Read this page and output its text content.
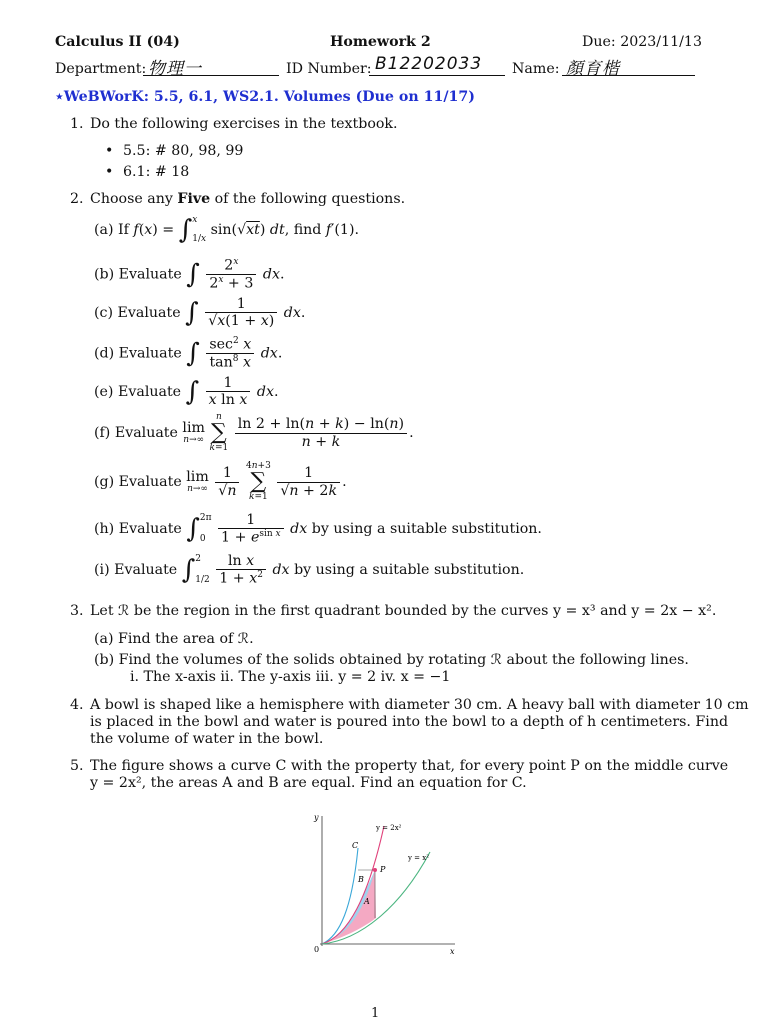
Calculus II (04)	Homework 2	Due: 2023/11/13
Department: 物理一	ID Number: B12202033 Name: 顏育楷
⋆WeBWorK: 5.5, 6.1, WS2.1. Volumes (Due on 11/17)
1. Do the following exercises in the textbook.
• 5.5: # 80, 98, 99
• 6.1: # 18
2. Choose any Five of the following questions.
(a) If f(x) = ∫ x
1/x
sin(√xt) dt, find f′(1).
(b) Evaluate ∫ $\frac{2^x}{2^x + 3}$ dx.
(c) Evaluate ∫ $\frac{1}{√x(1 + x)}$ dx.
(d) Evaluate ∫ $\frac{\sec^2 x}{\tan^8 x}$ dx.
(e) Evaluate ∫ $\frac{1}{\text{x ln x}}$ dx.
(f) Evaluate lim
n→∞

n
∑
k=1
$\frac{\ln 2 + \ln(n + k) - \ln(n)}{n + k}$ .
(g) Evaluate lim
n→∞
$\frac{1}{√n}$
4n+3
∑
k=1
$\frac{1}{√n + 2k}$ .
(h) Evaluate ∫ 2π
0
$\frac{1}{1 + e^{sin x}}$ dx by using a suitable substitution.
(i) Evaluate ∫ 2
1/2
$\frac{\text{ln x}}{1 + x^2}$ dx by using a suitable substitution.
3. Let ℛ be the region in the first quadrant bounded by the curves y = x³ and y = 2x − x².
(a) Find the area of ℛ.
(b) Find the volumes of the solids obtained by rotating ℛ about the following lines.
i. The x-axis ii. The y-axis iii. y = 2 iv. x = −1
4. A bowl is shaped like a hemisphere with diameter 30 cm. A heavy ball with diameter 10 cm
is placed in the bowl and water is poured into the bowl to a depth of h centimeters. Find
the volume of water in the bowl.
5. The figure shows a curve C with the property that, for every point P on the middle curve
y = 2x², the areas A and B are equal. Find an equation for C.
y
x
0
C
y = 2x²
y = x²
P
B
A
1
